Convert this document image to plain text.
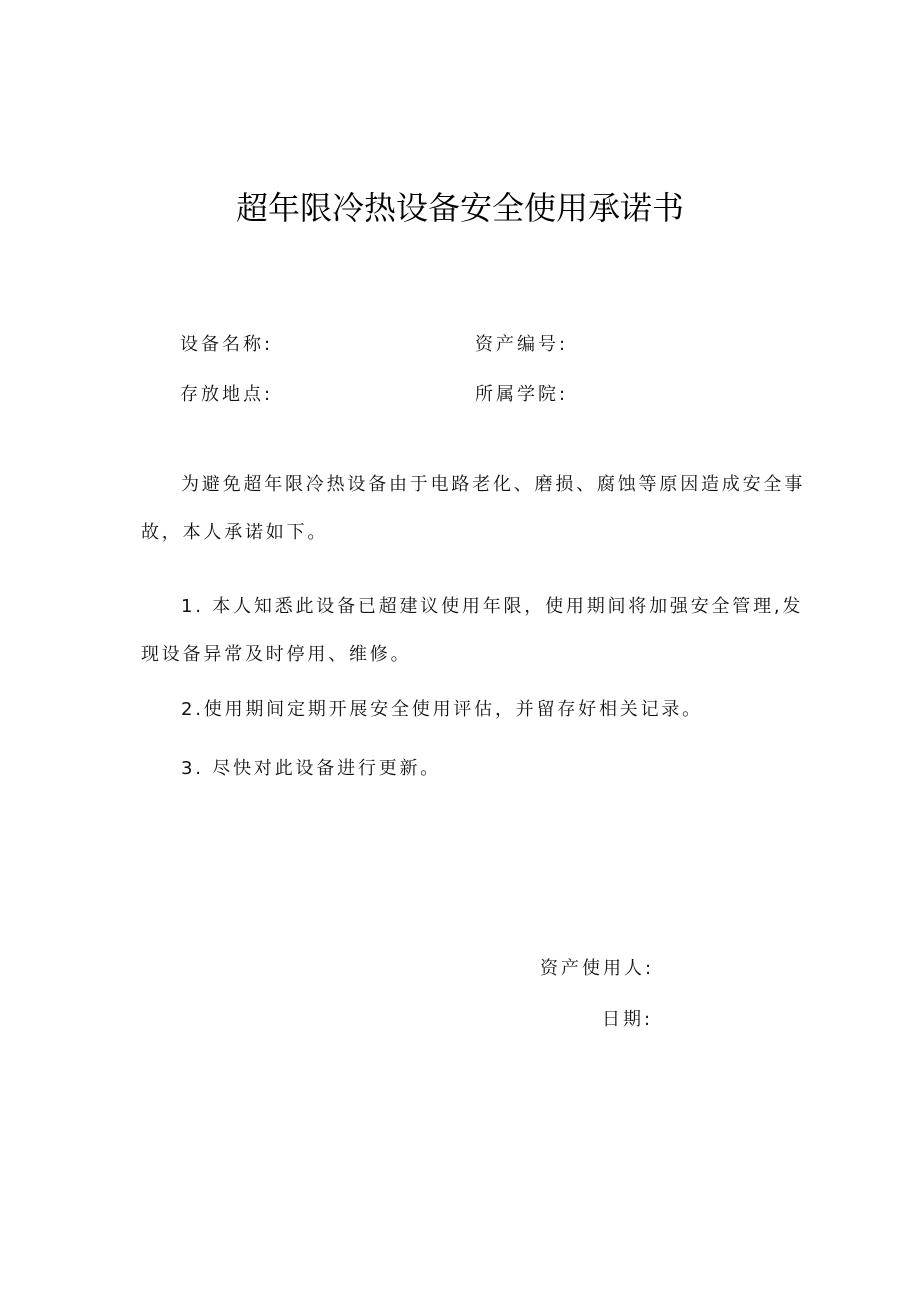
超年限冷热设备安全使用承诺书
设备名称:	资产编号:
存放地点:	所属学院:
为避免超年限冷热设备由于电路老化、磨损、腐蚀等原因造成安全事
故，本人承诺如下。
1. 本人知悉此设备已超建议使用年限，使用期间将加强安全管理,发
现设备异常及时停用、维修。
2.使用期间定期开展安全使用评估，并留存好相关记录。
3. 尽快对此设备进行更新。
资产使用人:
日期:
